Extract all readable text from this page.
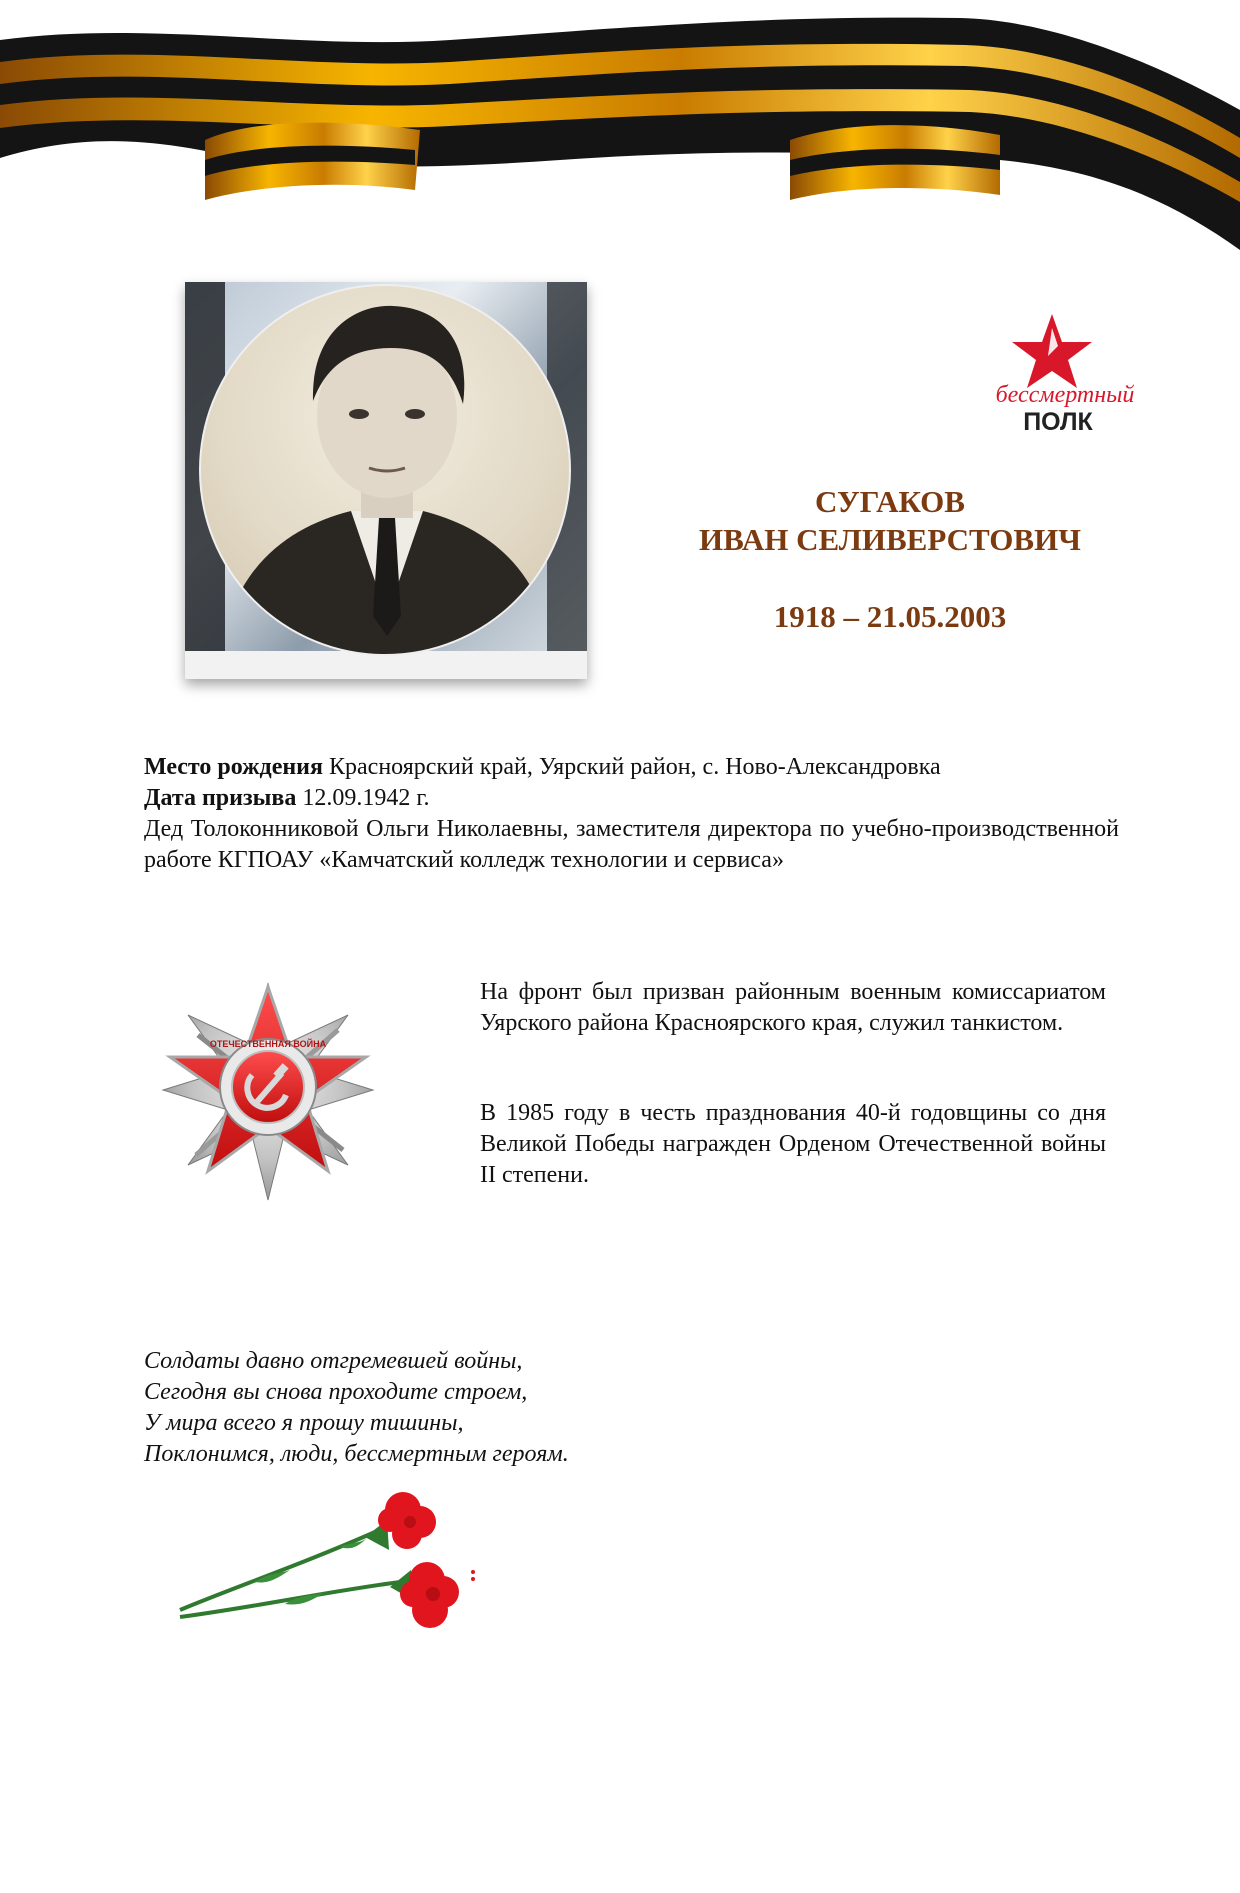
бессмертный
ПОЛК
СУГАКОВ
ИВАН СЕЛИВЕРСТОВИЧ
1918 – 21.05.2003
Место рождения Красноярский край, Уярский район, с. Ново-Александровка
Дата призыва 12.09.1942 г.
Дед Толоконниковой Ольги Николаевны, заместителя директора по учебно-производственной работе КГПОАУ «Камчатский колледж технологии и сервиса»
ОТЕЧЕСТВЕННАЯ ВОЙНА
На фронт был призван районным военным комиссариатом Уярского района Красноярского края, служил танкистом.
В 1985 году в честь празднования 40-й годовщины со дня Великой Победы награжден Орденом Отечественной войны II степени.
Солдаты давно отгремевшей войны,
Сегодня вы снова проходите строем,
У мира всего я прошу тишины,
Поклонимся, люди, бессмертным героям.
